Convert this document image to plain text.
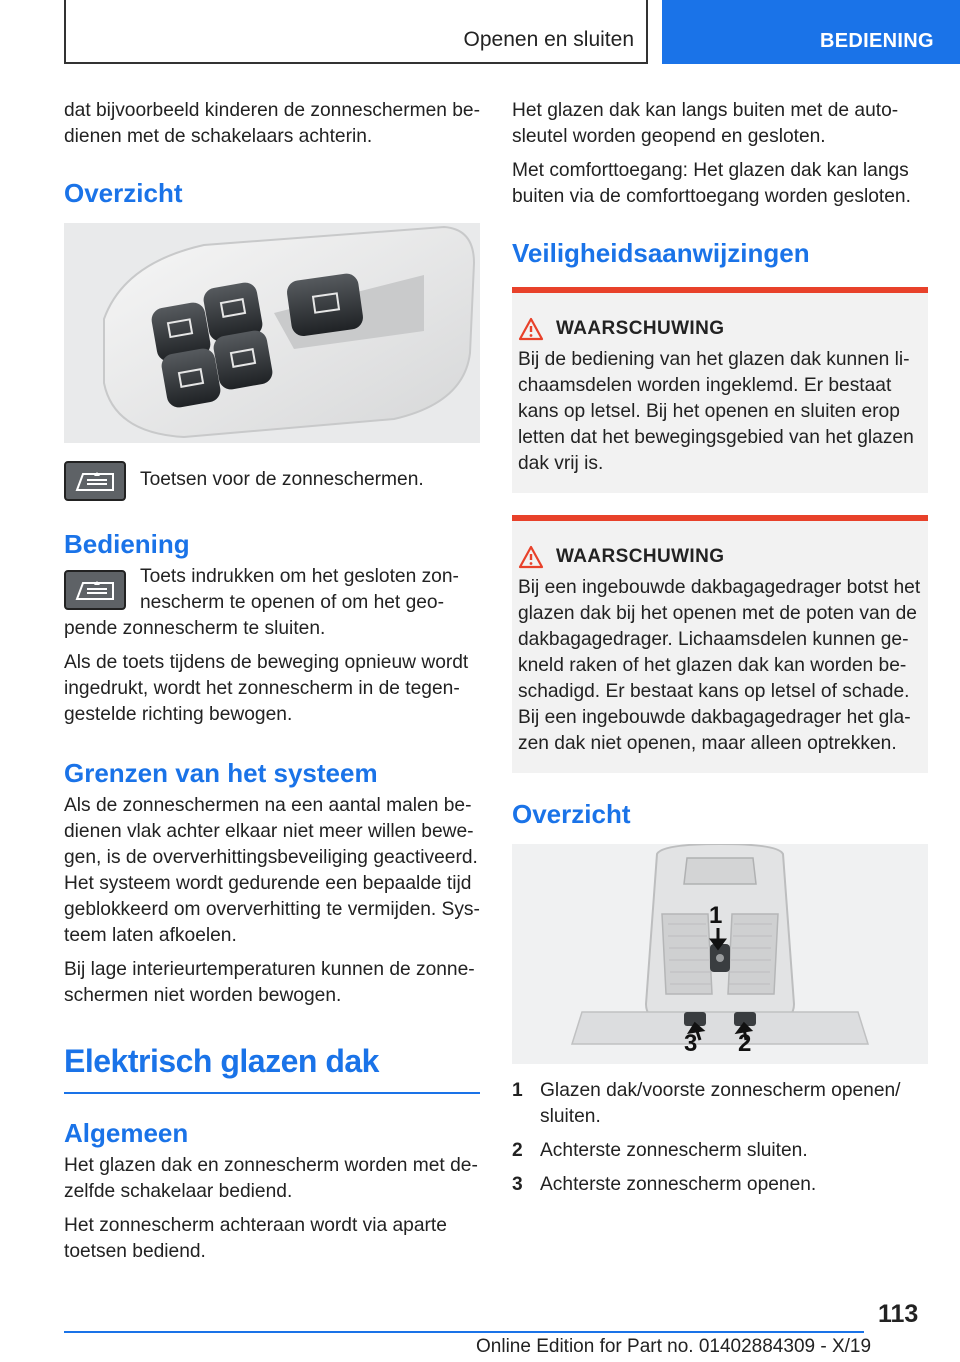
Openen en sluiten	BEDIENING

dat bijvoorbeeld kinderen de zonneschermen bedienen met de schakelaars achterin.

Overzicht

Toetsen voor de zonneschermen.

Bediening

Toets indrukken om het gesloten zonnescherm te openen of om het geopende zonnescherm te sluiten.

Als de toets tijdens de beweging opnieuw wordt ingedrukt, wordt het zonnescherm in de tegengestelde richting bewogen.

Grenzen van het systeem

Als de zonneschermen na een aantal malen bedienen vlak achter elkaar niet meer willen bewegen, is de oververhittingsbeveiliging geactiveerd. Het systeem wordt gedurende een bepaalde tijd geblokkeerd om oververhitting te vermijden. Systeem laten afkoelen.

Bij lage interieurtemperaturen kunnen de zonneschermen niet worden bewogen.

Elektrisch glazen dak
Algemeen

Het glazen dak en zonnescherm worden met dezelfde schakelaar bediend.

Het zonnescherm achteraan wordt via aparte toetsen bediend.

Het glazen dak kan langs buiten met de autosleutel worden geopend en gesloten.

Met comforttoegang: Het glazen dak kan langs buiten via de comforttoegang worden gesloten.

Veiligheidsaanwijzingen
WAARSCHUWING

Bij de bediening van het glazen dak kunnen lichaamsdelen worden ingeklemd. Er bestaat kans op letsel. Bij het openen en sluiten erop letten dat het bewegingsgebied van het glazen dak vrij is.

WAARSCHUWING

Bij een ingebouwde dakbagagedrager botst het glazen dak bij het openen met de poten van de dakbagagedrager. Lichaamsdelen kunnen gekneld raken of het glazen dak kan worden beschadigd. Er bestaat kans op letsel of schade. Bij een ingebouwde dakbagagedrager het glazen dak niet openen, maar alleen optrekken.

Overzicht
1
2
3
1 Glazen dak/voorste zonnescherm openen/ sluiten.
2 Achterste zonnescherm sluiten.
3 Achterste zonnescherm openen.
113
Online Edition for Part no. 01402884309 - X/19
